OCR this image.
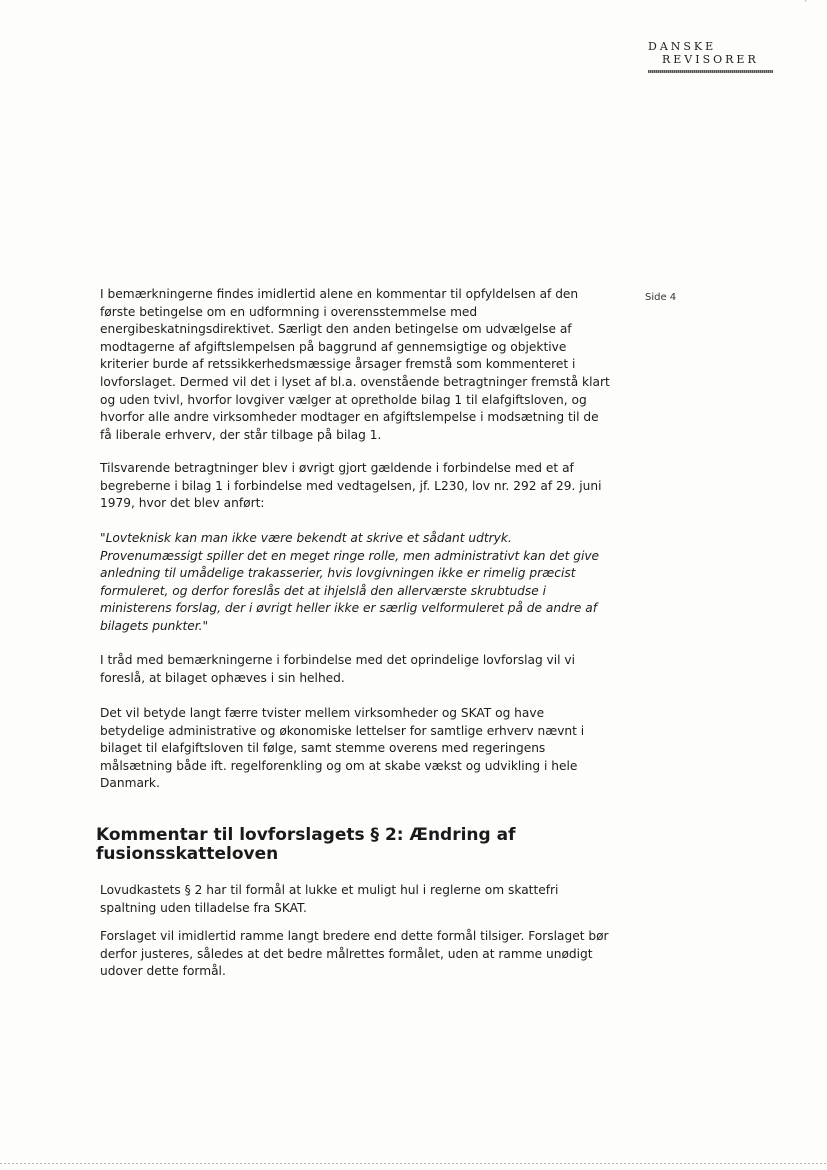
DANSKE
REVISORER
´
Side 4

I bemærkningerne findes imidlertid alene en kommentar til opfyldelsen af den første betingelse om en udformning i overensstemmelse med energibeskatningsdirektivet. Særligt den anden betingelse om udvælgelse af modtagerne af afgiftslempelsen på baggrund af gennemsigtige og objektive kriterier burde af retssikkerhedsmæssige årsager fremstå som kommenteret i lovforslaget. Dermed vil det i lyset af bl.a. ovenstående betragtninger fremstå klart og uden tvivl, hvorfor lovgiver vælger at opretholde bilag 1 til elafgiftsloven, og hvorfor alle andre virksomheder modtager en afgiftslempelse i modsætning til de få liberale erhverv, der står tilbage på bilag 1.

Tilsvarende betragtninger blev i øvrigt gjort gældende i forbindelse med et af begreberne i bilag 1 i forbindelse med vedtagelsen, jf. L230, lov nr. 292 af 29. juni 1979, hvor det blev anført:

"Lovteknisk kan man ikke være bekendt at skrive et sådant udtryk. Provenumæssigt spiller det en meget ringe rolle, men administrativt kan det give anledning til umådelige trakasserier, hvis lovgivningen ikke er rimelig præcist formuleret, og derfor foreslås det at ihjelslå den allerværste skrubtudse i ministerens forslag, der i øvrigt heller ikke er særlig velformuleret på de andre af bilagets punkter."

I tråd med bemærkningerne i forbindelse med det oprindelige lovforslag vil vi foreslå, at bilaget ophæves i sin helhed.

Det vil betyde langt færre tvister mellem virksomheder og SKAT og have betydelige administrative og økonomiske lettelser for samtlige erhverv nævnt i bilaget til elafgiftsloven til følge, samt stemme overens med regeringens målsætning både ift. regelforenkling og om at skabe vækst og udvikling i hele Danmark.

Kommentar til lovforslagets § 2: Ændring af fusionsskatteloven

Lovudkastets § 2 har til formål at lukke et muligt hul i reglerne om skattefri spaltning uden tilladelse fra SKAT.

Forslaget vil imidlertid ramme langt bredere end dette formål tilsiger. Forslaget bør derfor justeres, således at det bedre målrettes formålet, uden at ramme unødigt udover dette formål.
